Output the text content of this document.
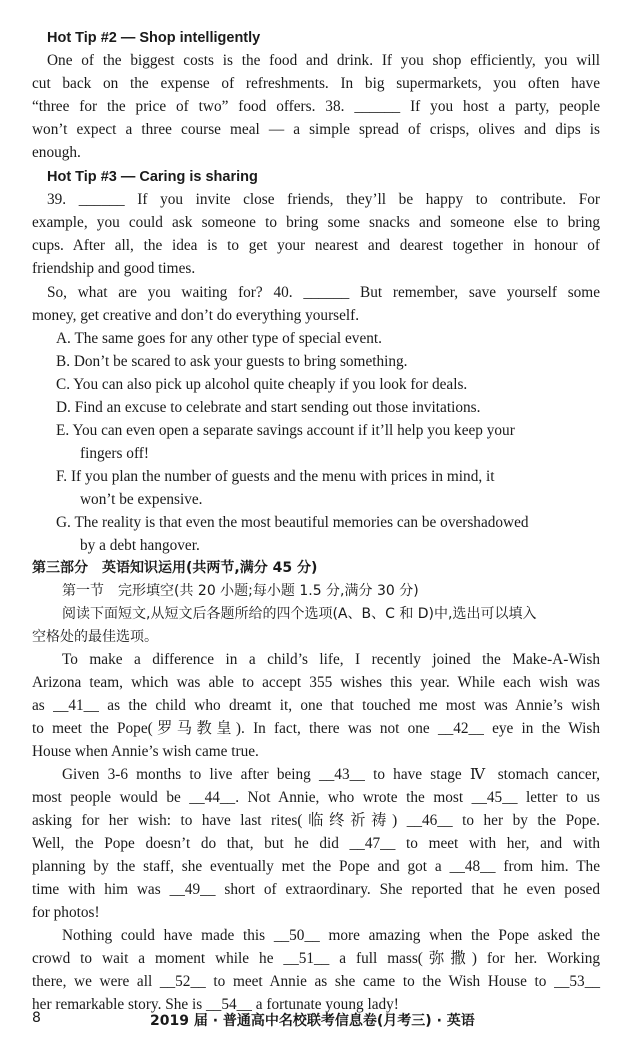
Hot Tip #2 — Shop intelligently
One of the biggest costs is the food and drink. If you shop efficiently, you will
cut back on the expense of refreshments. In big supermarkets, you often have
“three for the price of two” food offers. 38. ______ If you host a party, people
won’t expect a three course meal — a simple spread of crisps, olives and dips is
enough.
Hot Tip #3 — Caring is sharing
39. ______ If you invite close friends, they’ll be happy to contribute. For
example, you could ask someone to bring some snacks and someone else to bring
cups. After all, the idea is to get your nearest and dearest together in honour of
friendship and good times.
So, what are you waiting for? 40. ______ But remember, save yourself some
money, get creative and don’t do everything yourself.
A. The same goes for any other type of special event.
B. Don’t be scared to ask your guests to bring something.
C. You can also pick up alcohol quite cheaply if you look for deals.
D. Find an excuse to celebrate and start sending out those invitations.
E. You can even open a separate savings account if it’ll help you keep your
fingers off!
F. If you plan the number of guests and the menu with prices in mind, it
won’t be expensive.
G. The reality is that even the most beautiful memories can be overshadowed
by a debt hangover.
第三部分　英语知识运用(共两节,满分 45 分)
第一节　完形填空(共 20 小题;每小题 1.5 分,满分 30 分)
阅读下面短文,从短文后各题所给的四个选项(A、B、C 和 D)中,选出可以填入
空格处的最佳选项。
To make a difference in a child’s life, I recently joined the Make-A-Wish
Arizona team, which was able to accept 355 wishes this year. While each wish was
as __41__ as the child who dreamt it, one that touched me most was Annie’s wish
to meet the Pope(罗马教皇). In fact, there was not one __42__ eye in the Wish
House when Annie’s wish came true.
Given 3-6 months to live after being __43__ to have stage Ⅳ stomach cancer,
most people would be __44__. Not Annie, who wrote the most __45__ letter to us
asking for her wish: to have last rites(临终祈祷) __46__ to her by the Pope.
Well, the Pope doesn’t do that, but he did __47__ to meet with her, and with
planning by the staff, she eventually met the Pope and got a __48__ from him. The
time with him was __49__ short of extraordinary. She reported that he even posed
for photos!
Nothing could have made this __50__ more amazing when the Pope asked the
crowd to wait a moment while he __51__ a full mass(弥撒) for her. Working
there, we were all __52__ to meet Annie as she came to the Wish House to __53__
her remarkable story. She is __54__ a fortunate young lady!
8	2019 届 · 普通高中名校联考信息卷(月考三) · 英语
